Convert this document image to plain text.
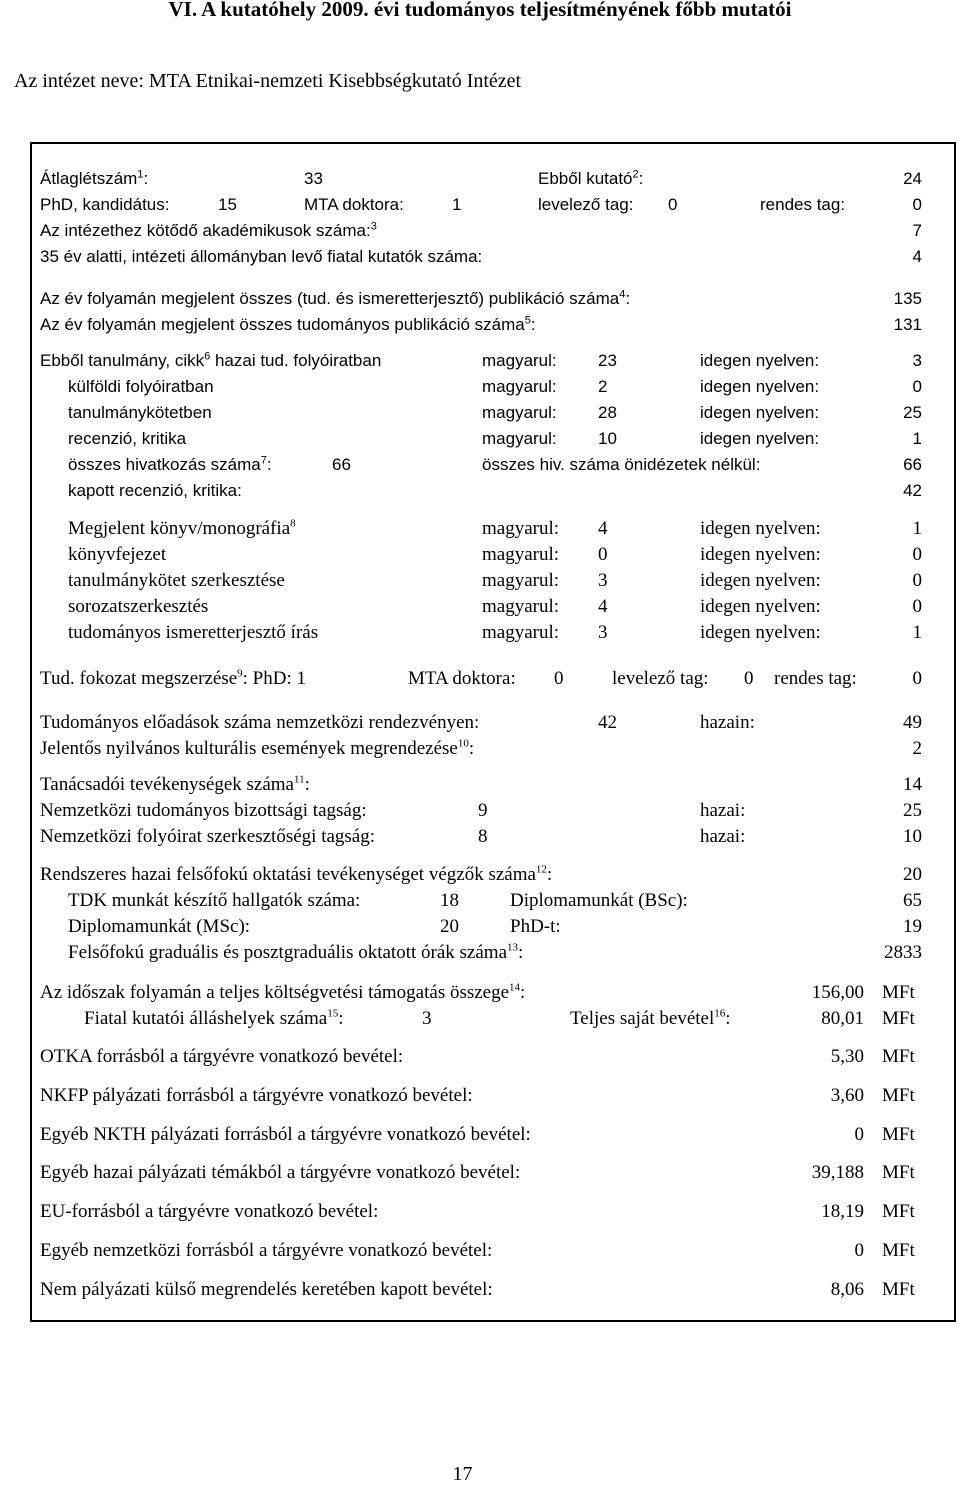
VI. A kutatóhely 2009. évi tudományos teljesítményének főbb mutatói
Az intézet neve: MTA Etnikai-nemzeti Kisebbségkutató Intézet
Átlaglétszám$^1$:	33	Ebből kutató$^2$:	24
PhD, kandidátus:	15	MTA doktora:	1	levelező tag: 0	rendes tag:	0
Az intézethez kötődő akadémikusok száma:$^3$	7
35 év alatti, intézeti állományban levő fiatal kutatók száma:	4
Az év folyamán megjelent összes (tud. és ismeretterjesztő) publikáció száma$^4$:	135
Az év folyamán megjelent összes tudományos publikáció száma$^5$:	131
Ebből tanulmány, cikk$^6$ hazai tud. folyóiratban	magyarul: 23	idegen nyelven:	3
külföldi folyóiratban	magyarul: 2	idegen nyelven:	0
tanulmánykötetben	magyarul: 28	idegen nyelven:	25
recenzió, kritika	magyarul: 10	idegen nyelven:	1
összes hivatkozás száma$^7$:	66	összes hiv. száma önidézetek nélkül:	66
kapott recenzió, kritika:	42
Megjelent könyv/monográfia$^8$	magyarul: 4	idegen nyelven:	1
könyvfejezet	magyarul: 0	idegen nyelven:	0
tanulmánykötet szerkesztése	magyarul: 3	idegen nyelven:	0
sorozatszerkesztés	magyarul: 4	idegen nyelven:	0
tudományos ismeretterjesztő írás	magyarul: 3	idegen nyelven:	1
Tud. fokozat megszerzése$^9$: PhD: 1	MTA doktora: 0	levelező tag: 0 rendes tag:	0
Tudományos előadások száma nemzetközi rendezvényen:	42	hazain:	49
Jelentős nyilvános kulturális események megrendezése$^{10}$:	2
Tanácsadói tevékenységek száma$^{11}$:	14
Nemzetközi tudományos bizottsági tagság:	9	hazai:	25
Nemzetközi folyóirat szerkesztőségi tagság:	8	hazai:	10
Rendszeres hazai felsőfokú oktatási tevékenységet végzők száma$^{12}$:	20
TDK munkát készítő hallgatók száma:	18	Diplomamunkát (BSc):	65
Diplomamunkát (MSc):	20	PhD-t:	19
Felsőfokú graduális és posztgraduális oktatott órák száma$^{13}$:	2833
Az időszak folyamán a teljes költségvetési támogatás összege$^{14}$:	156,00 MFt
Fiatal kutatói álláshelyek száma$^{15}$:	3	Teljes saját bevétel$^{16}$:	80,01 MFt
OTKA forrásból a tárgyévre vonatkozó bevétel:	5,30 MFt
NKFP pályázati forrásból a tárgyévre vonatkozó bevétel:	3,60 MFt
Egyéb NKTH pályázati forrásból a tárgyévre vonatkozó bevétel:	0 MFt
Egyéb hazai pályázati témákból a tárgyévre vonatkozó bevétel:	39,188 MFt
EU-forrásból a tárgyévre vonatkozó bevétel:	18,19 MFt
Egyéb nemzetközi forrásból a tárgyévre vonatkozó bevétel:	0 MFt
Nem pályázati külső megrendelés keretében kapott bevétel:	8,06 MFt
17
